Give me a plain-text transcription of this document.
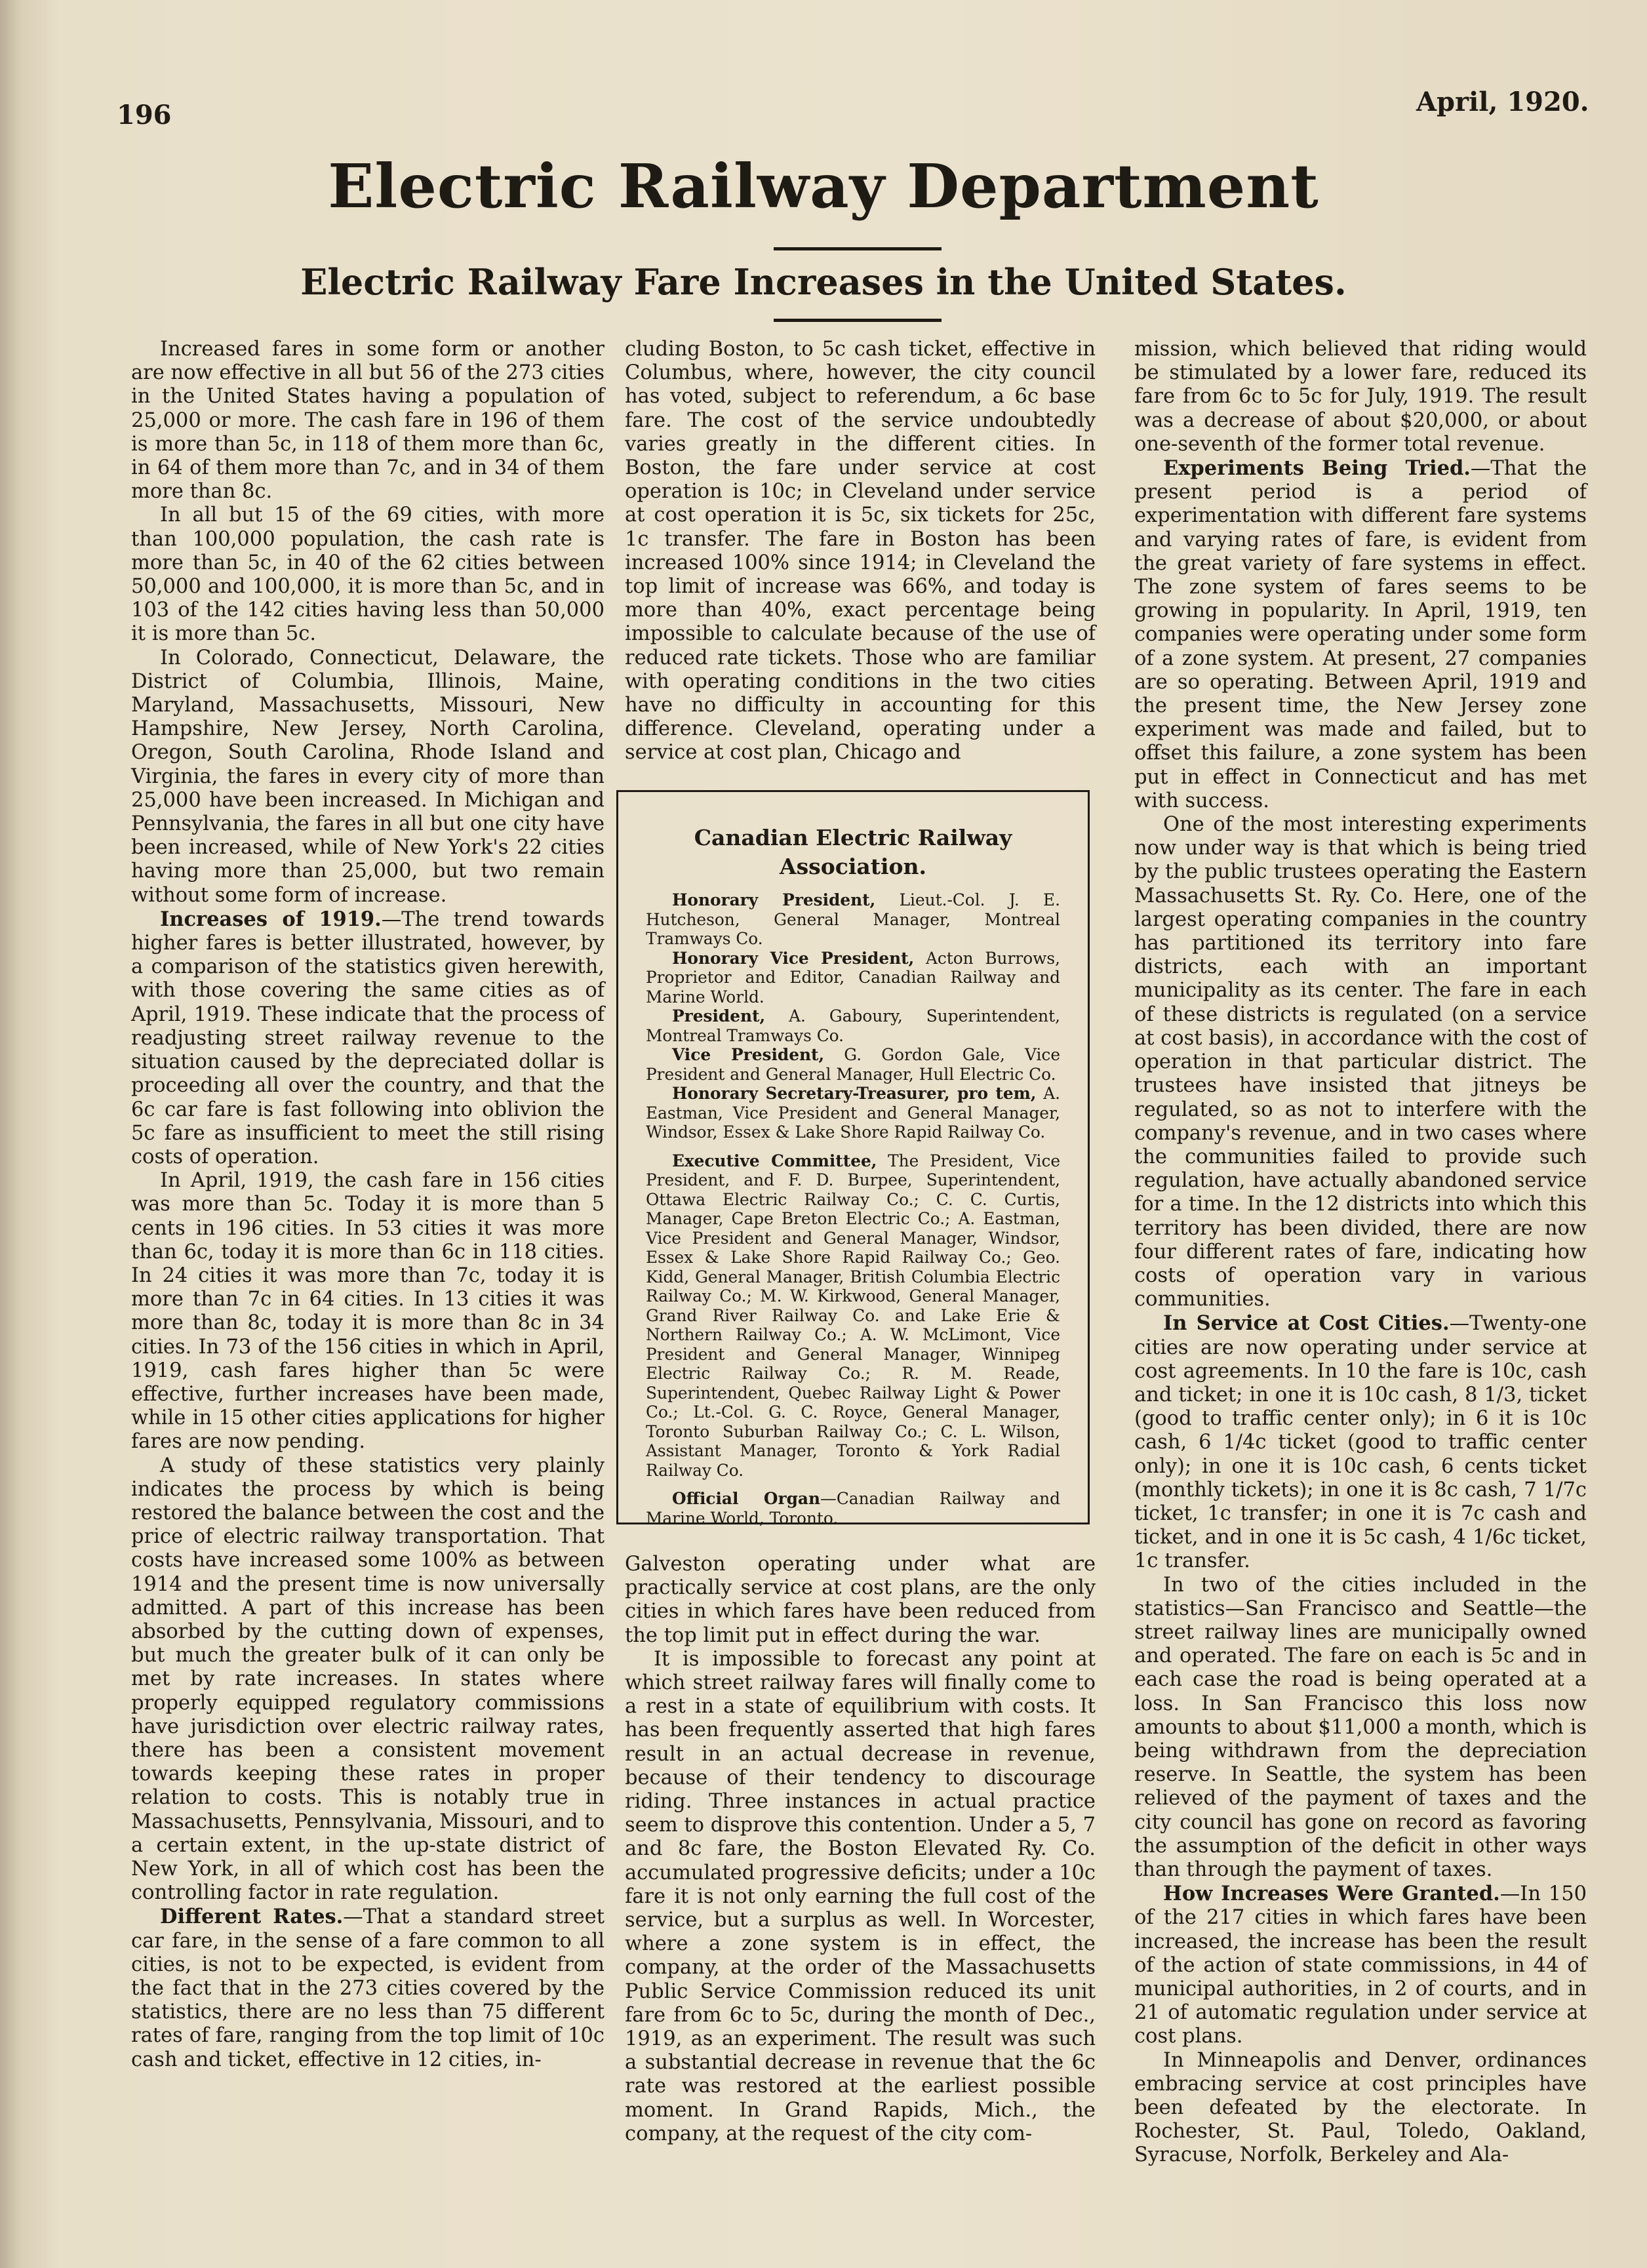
196	April, 1920.
Electric Railway Department
Electric Railway Fare Increases in the United States.

Increased fares in some form or another are now effective in all but 56 of the 273 cities in the United States having a population of 25,000 or more. The cash fare in 196 of them is more than 5c, in 118 of them more than 6c, in 64 of them more than 7c, and in 34 of them more than 8c.

In all but 15 of the 69 cities, with more than 100,000 population, the cash rate is more than 5c, in 40 of the 62 cities between 50,000 and 100,000, it is more than 5c, and in 103 of the 142 cities having less than 50,000 it is more than 5c.

In Colorado, Connecticut, Delaware, the District of Columbia, Illinois, Maine, Maryland, Massachusetts, Missouri, New Hampshire, New Jersey, North Carolina, Oregon, South Carolina, Rhode Island and Virginia, the fares in every city of more than 25,000 have been increased. In Michigan and Pennsylvania, the fares in all but one city have been increased, while of New York's 22 cities having more than 25,000, but two remain without some form of increase.

Increases of 1919.—The trend towards higher fares is better illustrated, however, by a comparison of the statistics given herewith, with those covering the same cities as of April, 1919. These indicate that the process of readjusting street railway revenue to the situation caused by the depreciated dollar is proceeding all over the country, and that the 6c car fare is fast following into oblivion the 5c fare as insufficient to meet the still rising costs of operation.

In April, 1919, the cash fare in 156 cities was more than 5c. Today it is more than 5 cents in 196 cities. In 53 cities it was more than 6c, today it is more than 6c in 118 cities. In 24 cities it was more than 7c, today it is more than 7c in 64 cities. In 13 cities it was more than 8c, today it is more than 8c in 34 cities. In 73 of the 156 cities in which in April, 1919, cash fares higher than 5c were effective, further increases have been made, while in 15 other cities applications for higher fares are now pending.

A study of these statistics very plainly indicates the process by which is being restored the balance between the cost and the price of electric railway transportation. That costs have increased some 100% as between 1914 and the present time is now universally admitted. A part of this increase has been absorbed by the cutting down of expenses, but much the greater bulk of it can only be met by rate increases. In states where properly equipped regulatory commissions have jurisdiction over electric railway rates, there has been a consistent movement towards keeping these rates in proper relation to costs. This is notably true in Massachusetts, Pennsylvania, Missouri, and to a certain extent, in the up-state district of New York, in all of which cost has been the controlling factor in rate regulation.

Different Rates.—That a standard street car fare, in the sense of a fare common to all cities, is not to be expected, is evident from the fact that in the 273 cities covered by the statistics, there are no less than 75 different rates of fare, ranging from the top limit of 10c cash and ticket, effective in 12 cities, in-

cluding Boston, to 5c cash ticket, effective in Columbus, where, however, the city council has voted, subject to referendum, a 6c base fare. The cost of the service undoubtedly varies greatly in the different cities. In Boston, the fare under service at cost operation is 10c; in Cleveland under service at cost operation it is 5c, six tickets for 25c, 1c transfer. The fare in Boston has been increased 100% since 1914; in Cleveland the top limit of increase was 66%, and today is more than 40%, exact percentage being impossible to calculate because of the use of reduced rate tickets. Those who are familiar with operating conditions in the two cities have no difficulty in accounting for this difference. Cleveland, operating under a service at cost plan, Chicago and

Canadian Electric Railway Association.

Honorary President, Lieut.-Col. J. E. Hutcheson, General Manager, Montreal Tramways Co.

Honorary Vice President, Acton Burrows, Proprietor and Editor, Canadian Railway and Marine World.

President, A. Gaboury, Superintendent, Montreal Tramways Co.

Vice President, G. Gordon Gale, Vice President and General Manager, Hull Electric Co.

Honorary Secretary-Treasurer, pro tem, A. Eastman, Vice President and General Manager, Windsor, Essex & Lake Shore Rapid Railway Co.

Executive Committee, The President, Vice President, and F. D. Burpee, Superintendent, Ottawa Electric Railway Co.; C. C. Curtis, Manager, Cape Breton Electric Co.; A. Eastman, Vice President and General Manager, Windsor, Essex & Lake Shore Rapid Railway Co.; Geo. Kidd, General Manager, British Columbia Electric Railway Co.; M. W. Kirkwood, General Manager, Grand River Railway Co. and Lake Erie & Northern Railway Co.; A. W. McLimont, Vice President and General Manager, Winnipeg Electric Railway Co.; R. M. Reade, Superintendent, Quebec Railway Light & Power Co.; Lt.-Col. G. C. Royce, General Manager, Toronto Suburban Railway Co.; C. L. Wilson, Assistant Manager, Toronto & York Radial Railway Co.

Official Organ—Canadian Railway and Marine World, Toronto.

Galveston operating under what are practically service at cost plans, are the only cities in which fares have been reduced from the top limit put in effect during the war.

It is impossible to forecast any point at which street railway fares will finally come to a rest in a state of equilibrium with costs. It has been frequently asserted that high fares result in an actual decrease in revenue, because of their tendency to discourage riding. Three instances in actual practice seem to disprove this contention. Under a 5, 7 and 8c fare, the Boston Elevated Ry. Co. accumulated progressive deficits; under a 10c fare it is not only earning the full cost of the service, but a surplus as well. In Worcester, where a zone system is in effect, the company, at the order of the Massachusetts Public Service Commission reduced its unit fare from 6c to 5c, during the month of Dec., 1919, as an experiment. The result was such a substantial decrease in revenue that the 6c rate was restored at the earliest possible moment. In Grand Rapids, Mich., the company, at the request of the city com-

mission, which believed that riding would be stimulated by a lower fare, reduced its fare from 6c to 5c for July, 1919. The result was a decrease of about $20,000, or about one-seventh of the former total revenue.

Experiments Being Tried.—That the present period is a period of experimentation with different fare systems and varying rates of fare, is evident from the great variety of fare systems in effect. The zone system of fares seems to be growing in popularity. In April, 1919, ten companies were operating under some form of a zone system. At present, 27 companies are so operating. Between April, 1919 and the present time, the New Jersey zone experiment was made and failed, but to offset this failure, a zone system has been put in effect in Connecticut and has met with success.

One of the most interesting experiments now under way is that which is being tried by the public trustees operating the Eastern Massachusetts St. Ry. Co. Here, one of the largest operating companies in the country has partitioned its territory into fare districts, each with an important municipality as its center. The fare in each of these districts is regulated (on a service at cost basis), in accordance with the cost of operation in that particular district. The trustees have insisted that jitneys be regulated, so as not to interfere with the company's revenue, and in two cases where the communities failed to provide such regulation, have actually abandoned service for a time. In the 12 districts into which this territory has been divided, there are now four different rates of fare, indicating how costs of operation vary in various communities.

In Service at Cost Cities.—Twenty-one cities are now operating under service at cost agreements. In 10 the fare is 10c, cash and ticket; in one it is 10c cash, 8 1/3, ticket (good to traffic center only); in 6 it is 10c cash, 6 1/4c ticket (good to traffic center only); in one it is 10c cash, 6 cents ticket (monthly tickets); in one it is 8c cash, 7 1/7c ticket, 1c transfer; in one it is 7c cash and ticket, and in one it is 5c cash, 4 1/6c ticket, 1c transfer.

In two of the cities included in the statistics—San Francisco and Seattle—the street railway lines are municipally owned and operated. The fare on each is 5c and in each case the road is being operated at a loss. In San Francisco this loss now amounts to about $11,000 a month, which is being withdrawn from the depreciation reserve. In Seattle, the system has been relieved of the payment of taxes and the city council has gone on record as favoring the assumption of the deficit in other ways than through the payment of taxes.

How Increases Were Granted.—In 150 of the 217 cities in which fares have been increased, the increase has been the result of the action of state commissions, in 44 of municipal authorities, in 2 of courts, and in 21 of automatic regulation under service at cost plans.

In Minneapolis and Denver, ordinances embracing service at cost principles have been defeated by the electorate. In Rochester, St. Paul, Toledo, Oakland, Syracuse, Norfolk, Berkeley and Ala-
